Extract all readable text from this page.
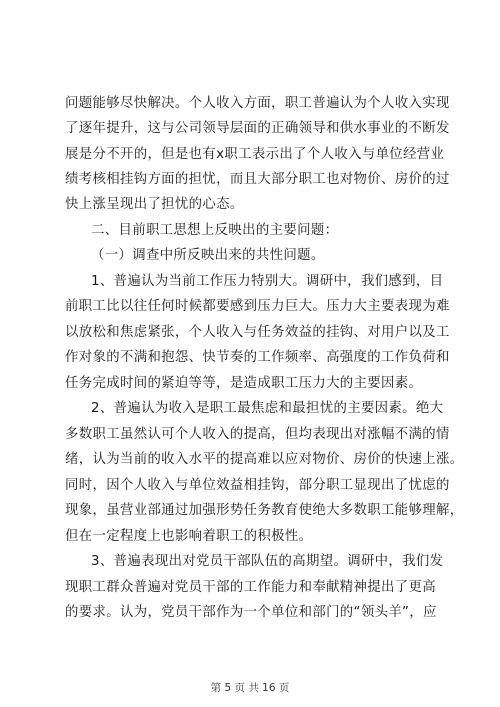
问题能够尽快解决。个人收入方面，职工普遍认为个人收入实现
了逐年提升，这与公司领导层面的正确领导和供水事业的不断发
展是分不开的，但是也有x职工表示出了个人收入与单位经营业
绩考核相挂钩方面的担忧，而且大部分职工也对物价、房价的过
快上涨呈现出了担忧的心态。
二、目前职工思想上反映出的主要问题：
（一）调查中所反映出来的共性问题。
1、普遍认为当前工作压力特别大。调研中，我们感到，目
前职工比以往任何时候都要感到压力巨大。压力大主要表现为难
以放松和焦虑紧张，个人收入与任务效益的挂钩、对用户以及工
作对象的不满和抱怨、快节奏的工作频率、高强度的工作负荷和
任务完成时间的紧迫等等，是造成职工压力大的主要因素。
2、普遍认为收入是职工最焦虑和最担忧的主要因素。绝大
多数职工虽然认可个人收入的提高，但均表现出对涨幅不满的情
绪，认为当前的收入水平的提高难以应对物价、房价的快速上涨。
同时，因个人收入与单位效益相挂钩，部分职工显现出了忧虑的
现象，虽营业部通过加强形势任务教育使绝大多数职工能够理解，
但在一定程度上也影响着职工的积极性。
3、普遍表现出对党员干部队伍的高期望。调研中，我们发
现职工群众普遍对党员干部的工作能力和奉献精神提出了更高
的要求。认为，党员干部作为一个单位和部门的“领头羊”，应
第 5 页 共 16 页
